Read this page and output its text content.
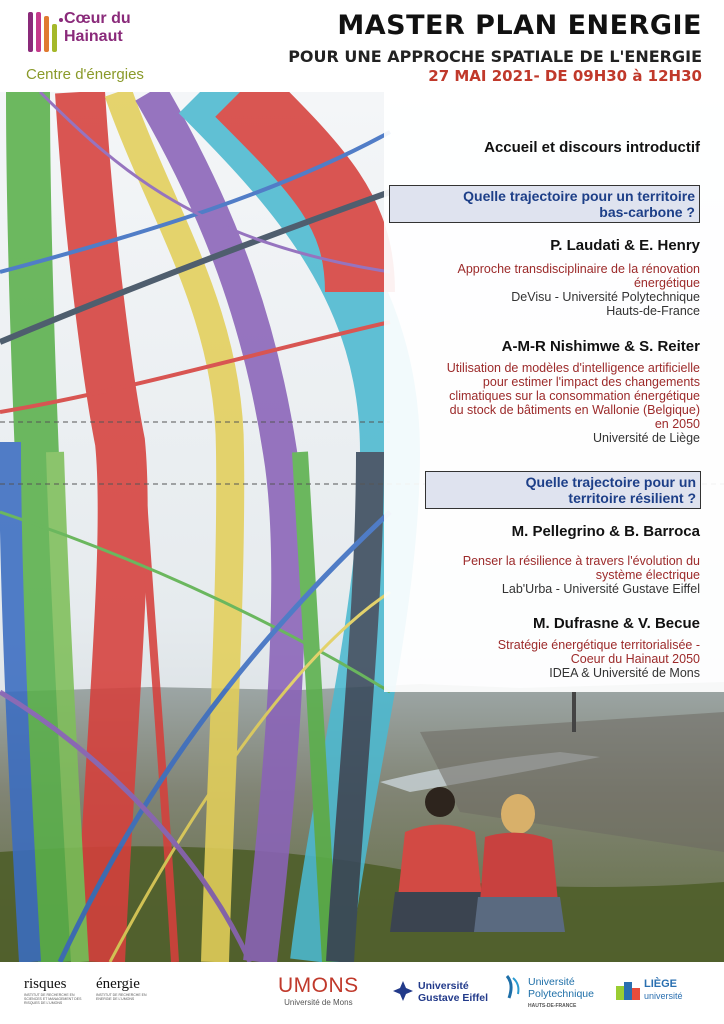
Cœur du
Hainaut
Centre d'énergies
MASTER PLAN ENERGIE
POUR UNE APPROCHE SPATIALE DE L'ENERGIE
27 MAI 2021- DE 09H30 à 12H30
Accueil et discours introductif
Quelle trajectoire pour un territoire
bas-carbone ?
P. Laudati & E. Henry
Approche transdisciplinaire de la rénovation
énergétique
DeVisu - Université Polytechnique
Hauts-de-France
A-M-R Nishimwe & S. Reiter
Utilisation de modèles d'intelligence artificielle
pour estimer l'impact des changements
climatiques sur la consommation énergétique
du stock de bâtiments en Wallonie (Belgique)
en 2050
Université de Liège
Quelle trajectoire pour un
territoire résilient ?
M. Pellegrino & B. Barroca
Penser la résilience à travers l'évolution du
système électrique
Lab'Urba - Université Gustave Eiffel
M. Dufrasne & V. Becue
Stratégie énergétique territorialisée -
Coeur du Hainaut 2050
IDEA & Université de Mons
risques
INSTITUT DE RECHERCHE EN SCIENCES ET MANAGEMENT DES RISQUES DE L'UMONS
énergie
INSTITUT DE RECHERCHE EN ENERGIE DE L'UMONS
UMONS
Université de Mons
Université
Gustave Eiffel
Université
Polytechnique
HAUTS-DE-FRANCE
LIÈGE
université
